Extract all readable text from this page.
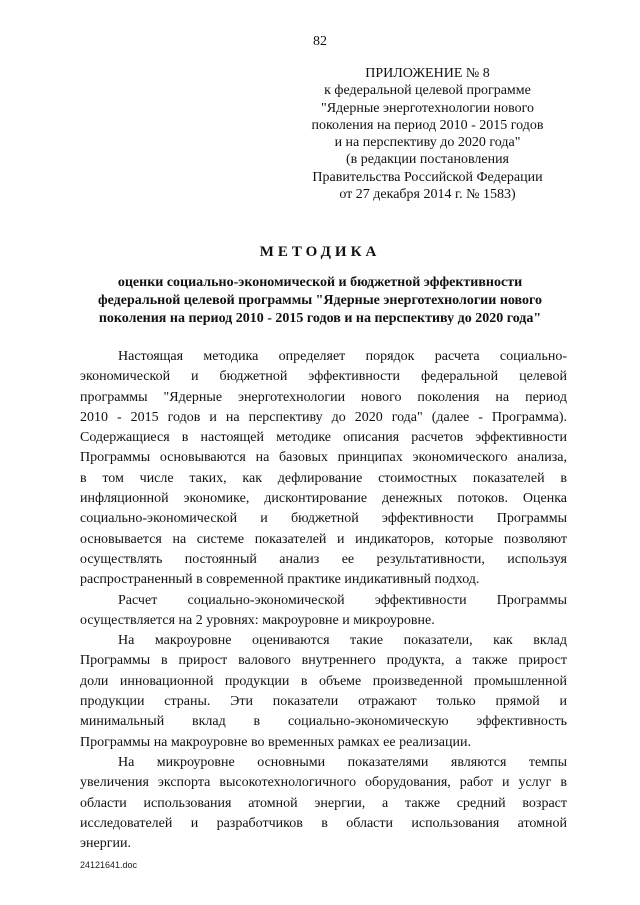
82
ПРИЛОЖЕНИЕ № 8
к федеральной целевой программе
"Ядерные энерготехнологии нового
поколения на период 2010 - 2015 годов
и на перспективу до 2020 года"
(в редакции постановления
Правительства Российской Федерации
от 27 декабря 2014 г. № 1583)
МЕТОДИКА
оценки социально-экономической и бюджетной эффективности
федеральной целевой программы "Ядерные энерготехнологии нового
поколения на период 2010 - 2015 годов и на перспективу до 2020 года"
Настоящая методика определяет порядок расчета социально-
экономической и бюджетной эффективности федеральной целевой
программы "Ядерные энерготехнологии нового поколения на период
2010 - 2015 годов и на перспективу до 2020 года" (далее - Программа).
Содержащиеся в настоящей методике описания расчетов эффективности
Программы основываются на базовых принципах экономического анализа,
в том числе таких, как дефлирование стоимостных показателей в
инфляционной экономике, дисконтирование денежных потоков. Оценка
социально-экономической и бюджетной эффективности Программы
основывается на системе показателей и индикаторов, которые позволяют
осуществлять постоянный анализ ее результативности, используя
распространенный в современной практике индикативный подход.
Расчет социально-экономической эффективности Программы
осуществляется на 2 уровнях: макроуровне и микроуровне.
На макроуровне оцениваются такие показатели, как вклад
Программы в прирост валового внутреннего продукта, а также прирост
доли инновационной продукции в объеме произведенной промышленной
продукции страны. Эти показатели отражают только прямой и
минимальный вклад в социально-экономическую эффективность
Программы на макроуровне во временных рамках ее реализации.
На микроуровне основными показателями являются темпы
увеличения экспорта высокотехнологичного оборудования, работ и услуг в
области использования атомной энергии, а также средний возраст
исследователей и разработчиков в области использования атомной
энергии.
24121641.doc
